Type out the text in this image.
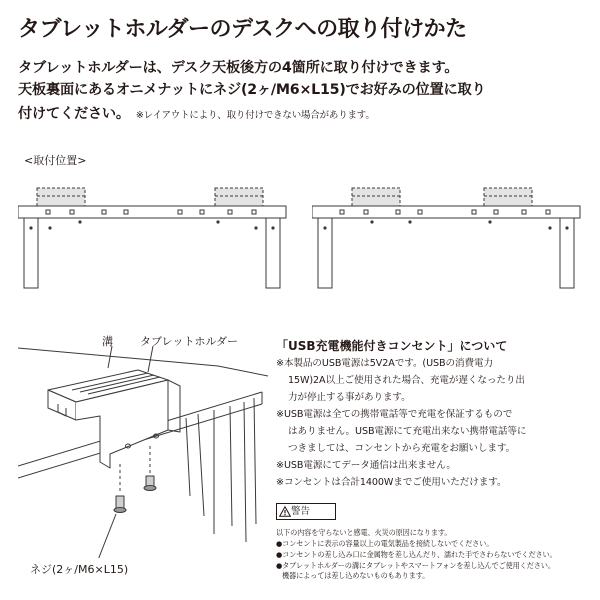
タブレットホルダーのデスクへの取り付けかた
タブレットホルダーは、デスク天板後方の4箇所に取り付けできます。
天板裏面にあるオニメナットにネジ(2ヶ/M6×L15)でお好みの位置に取り
付けてください。 ※レイアウトにより、取り付けできない場合があります。
<取付位置>
溝 タブレットホルダー
ネジ(2ヶ/M6×L15)
「USB充電機能付きコンセント」について
※本製品のUSB電源は5V2Aです。(USBの消費電力
15W)2A以上ご使用された場合、充電が遅くなったり出
力が停止する事があります。
※USB電源は全ての携帯電話等で充電を保証するもので
はありません。USB電源にて充電出来ない携帯電話等に
つきましては、コンセントから充電をお願いします。
※USB電源にてデータ通信は出来ません。
※コンセントは合計1400Wまでご使用いただけます。
警告
以下の内容を守らないと感電、火災の原因になります。
●コンセントに表示の容量以上の電気製品を接続しないでください。
●コンセントの差し込み口に金属物を差し込んだり、濡れた手でさわらないでください。
●タブレットホルダーの溝にタブレットやスマートフォンを差し込んでご使用ください。
機器によっては差し込めないものもあります。
